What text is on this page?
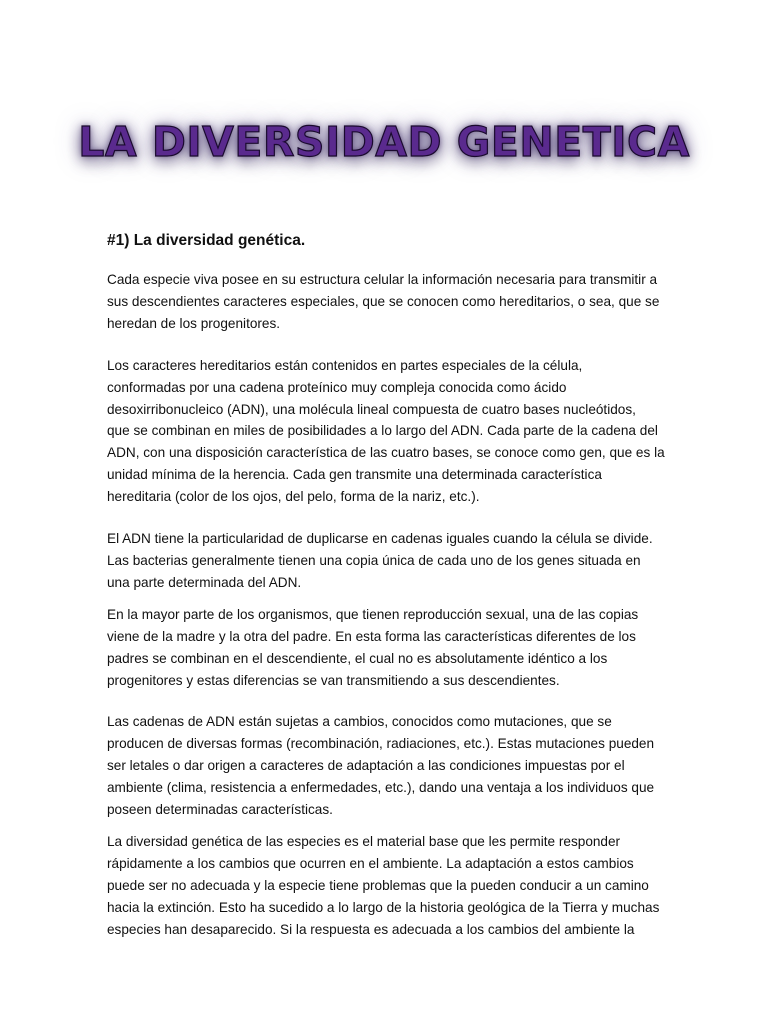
LA DIVERSIDAD GENETICA
#1) La diversidad genética.

Cada especie viva posee en su estructura celular la información necesaria para transmitir a
sus descendientes caracteres especiales, que se conocen como hereditarios, o sea, que se
heredan de los progenitores.

Los caracteres hereditarios están contenidos en partes especiales de la célula,
conformadas por una cadena proteínico muy compleja conocida como ácido
desoxirribonucleico (ADN), una molécula lineal compuesta de cuatro bases nucleótidos,
que se combinan en miles de posibilidades a lo largo del ADN. Cada parte de la cadena del
ADN, con una disposición característica de las cuatro bases, se conoce como gen, que es la
unidad mínima de la herencia. Cada gen transmite una determinada característica
hereditaria (color de los ojos, del pelo, forma de la nariz, etc.).

El ADN tiene la particularidad de duplicarse en cadenas iguales cuando la célula se divide.
Las bacterias generalmente tienen una copia única de cada uno de los genes situada en
una parte determinada del ADN.

En la mayor parte de los organismos, que tienen reproducción sexual, una de las copias
viene de la madre y la otra del padre. En esta forma las características diferentes de los
padres se combinan en el descendiente, el cual no es absolutamente idéntico a los
progenitores y estas diferencias se van transmitiendo a sus descendientes.

Las cadenas de ADN están sujetas a cambios, conocidos como mutaciones, que se
producen de diversas formas (recombinación, radiaciones, etc.). Estas mutaciones pueden
ser letales o dar origen a caracteres de adaptación a las condiciones impuestas por el
ambiente (clima, resistencia a enfermedades, etc.), dando una ventaja a los individuos que
poseen determinadas características.

La diversidad genética de las especies es el material base que les permite responder
rápidamente a los cambios que ocurren en el ambiente. La adaptación a estos cambios
puede ser no adecuada y la especie tiene problemas que la pueden conducir a un camino
hacia la extinción. Esto ha sucedido a lo largo de la historia geológica de la Tierra y muchas
especies han desaparecido. Si la respuesta es adecuada a los cambios del ambiente la
